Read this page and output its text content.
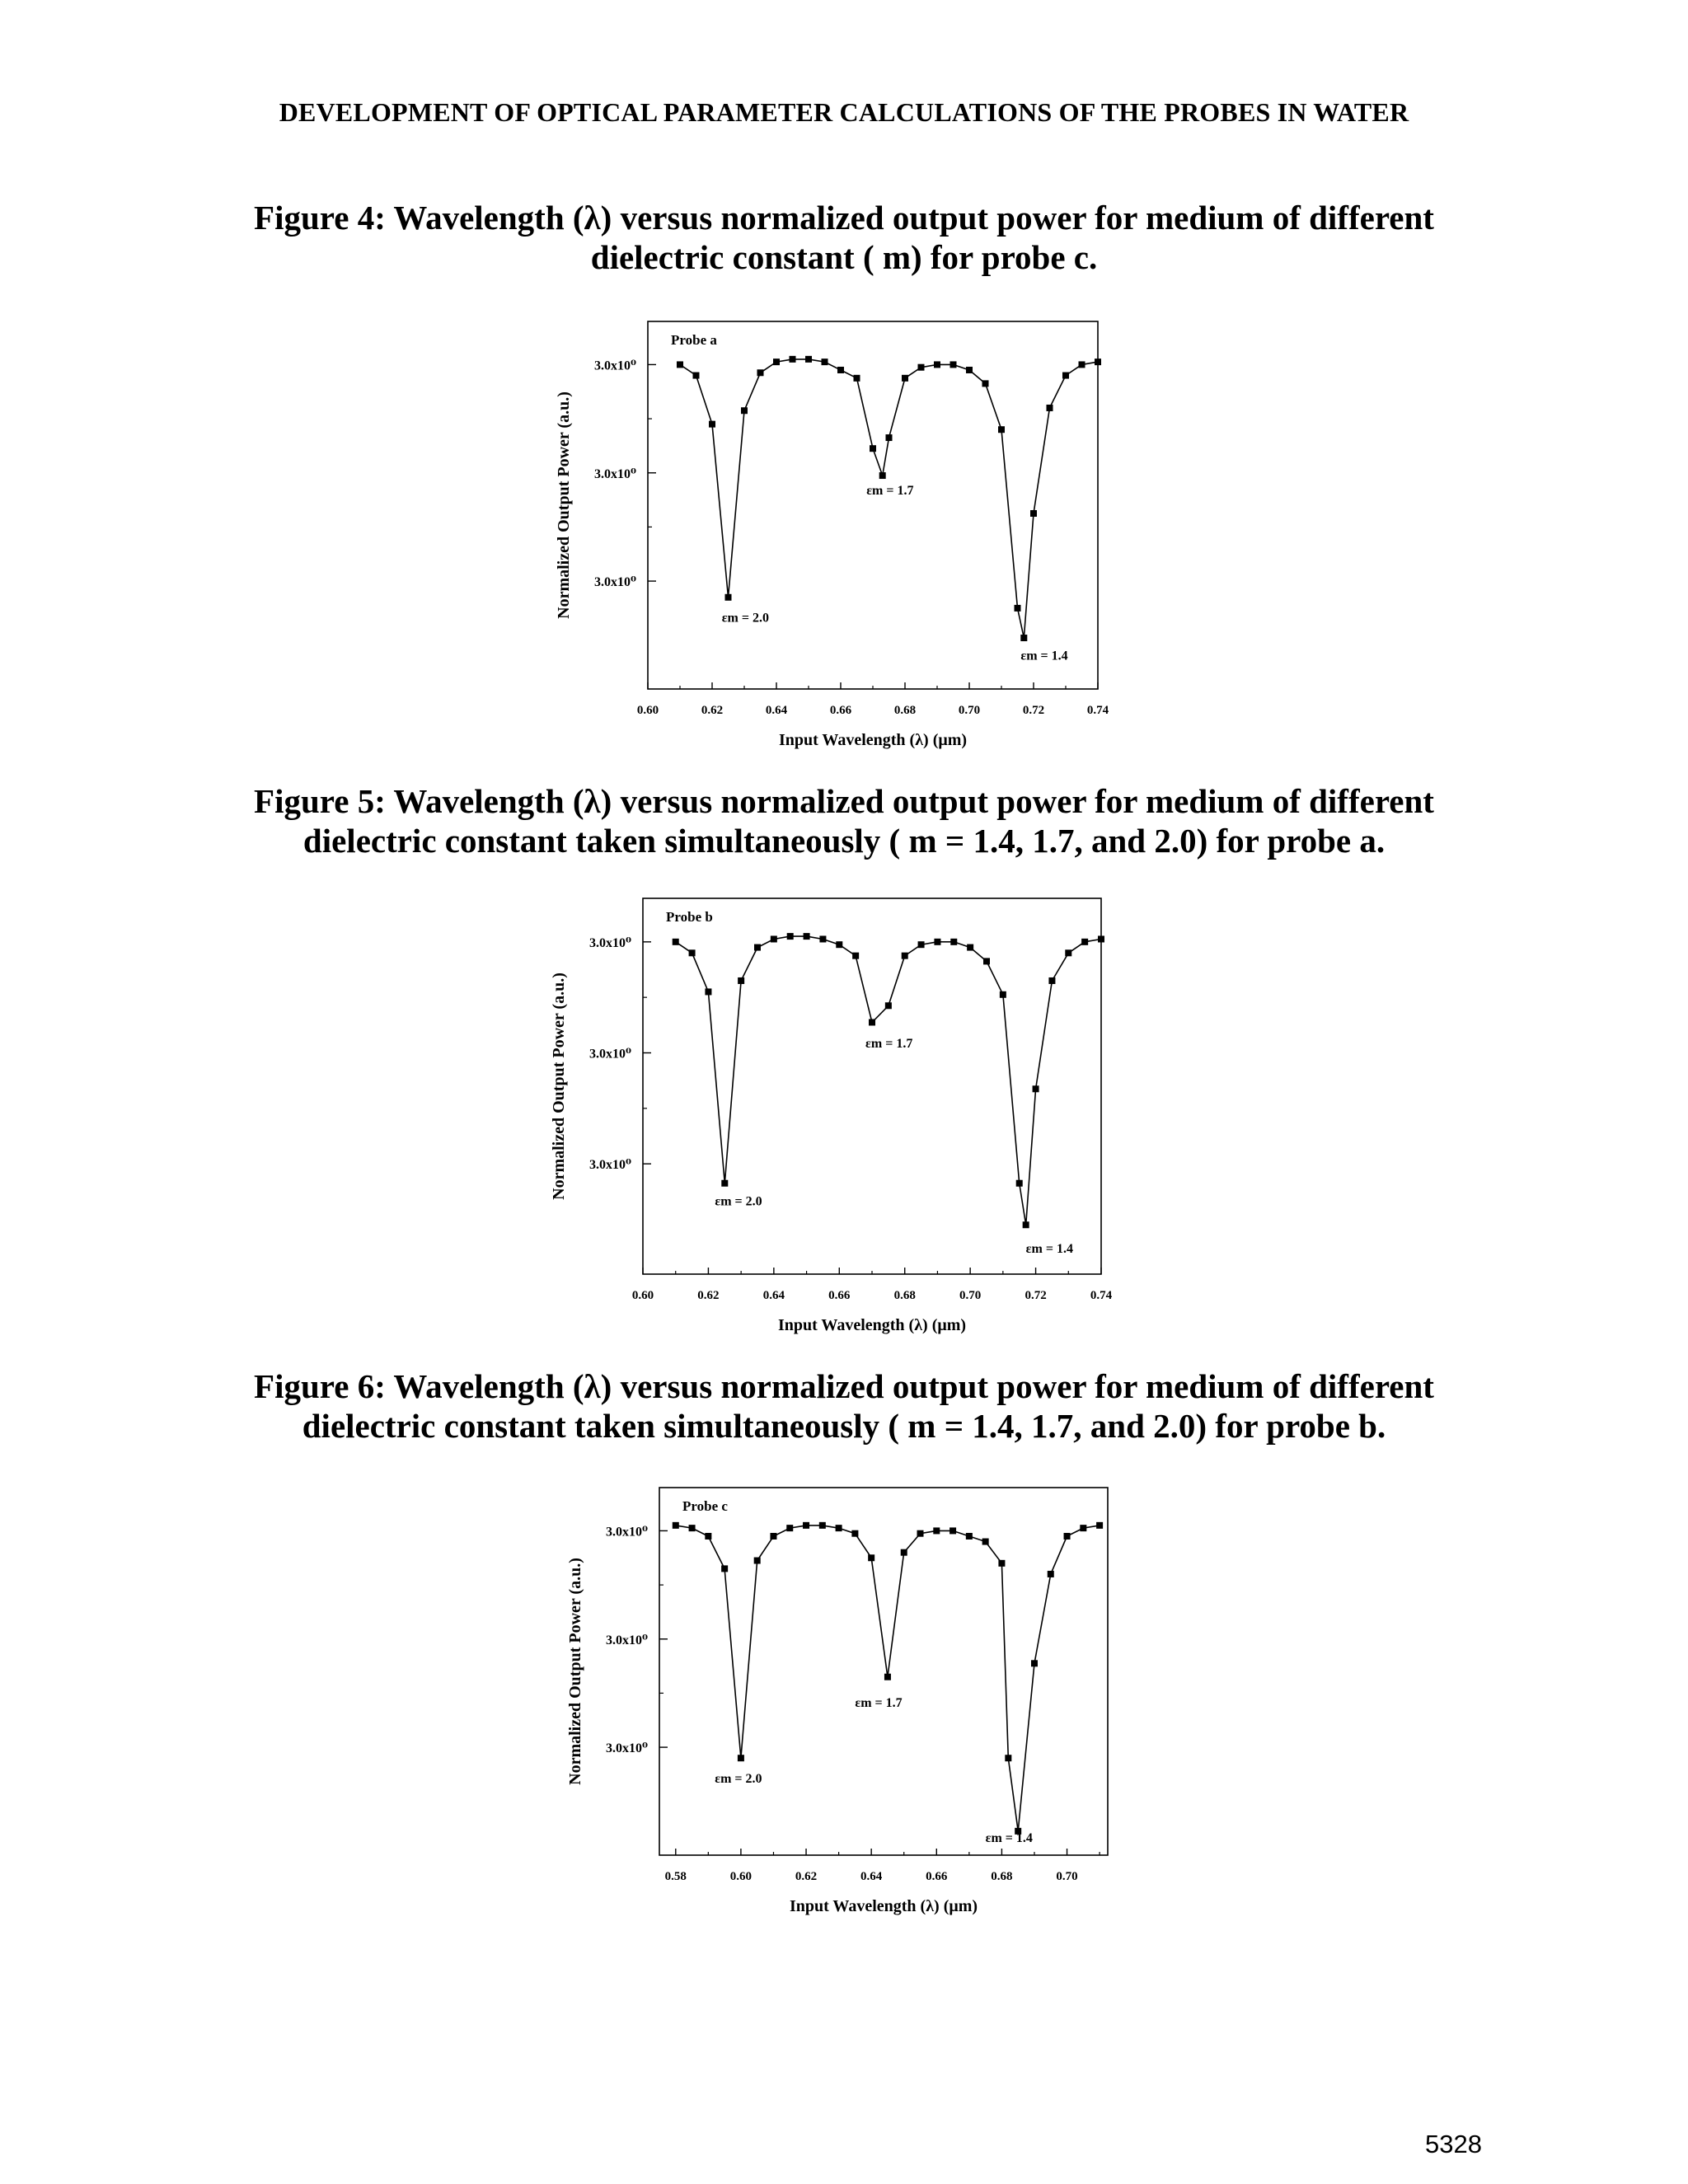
DEVELOPMENT OF OPTICAL PARAMETER CALCULATIONS OF THE PROBES IN WATER
Figure 4: Wavelength (λ) versus normalized output power for medium of different
dielectric constant ( m) for probe c.
Probe a
0.60	0.62	0.64	0.66	0.68	0.70	0.72	0.74
3.0x10⁰
3.0x10⁰
3.0x10⁰
Input Wavelength (λ) (μm)
Normalized Output Power (a.u.)	εm = 2.0
εm = 1.7
εm = 1.4
Figure 5: Wavelength (λ) versus normalized output power for medium of different
dielectric constant taken simultaneously ( m = 1.4, 1.7, and 2.0) for probe a.
Probe b
0.60	0.62	0.64	0.66	0.68	0.70	0.72	0.74
3.0x10⁰
3.0x10⁰
3.0x10⁰
Input Wavelength (λ) (μm)
Normalized Output Power (a.u.)
εm = 2.0
εm = 1.7
εm = 1.4
Figure 6: Wavelength (λ) versus normalized output power for medium of different
dielectric constant taken simultaneously ( m = 1.4, 1.7, and 2.0) for probe b.
Probe c
0.58	0.60	0.62	0.64	0.66	0.68	0.70
3.0x10⁰
3.0x10⁰
3.0x10⁰
Input Wavelength (λ) (μm)
Normalized Output Power (a.u.)	εm = 2.0
εm = 1.7
εm = 1.4
5328
